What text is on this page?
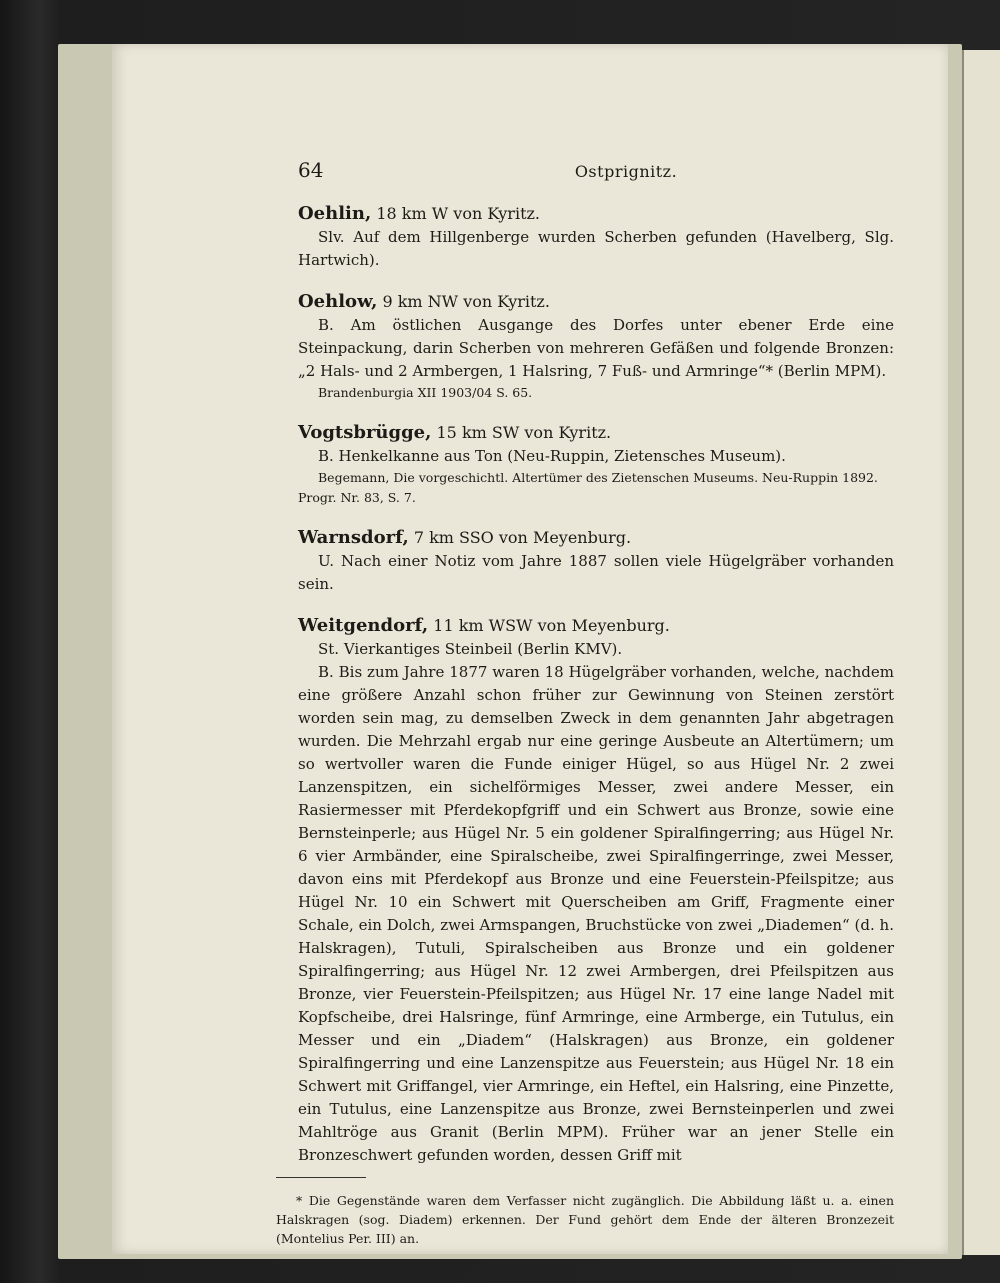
64	Ostprignitz.
Oehlin, 18 km W von Kyritz.

Slv. Auf dem Hillgenberge wurden Scherben gefunden (Havelberg, Slg. Hartwich).

Oehlow, 9 km NW von Kyritz.

B. Am östlichen Ausgange des Dorfes unter ebener Erde eine Steinpackung, darin Scherben von mehreren Gefäßen und folgende Bronzen: „2 Hals- und 2 Armbergen, 1 Halsring, 7 Fuß- und Armringe“* (Berlin MPM).

Brandenburgia XII 1903/04 S. 65.
Vogtsbrügge, 15 km SW von Kyritz.

B. Henkelkanne aus Ton (Neu-Ruppin, Zietensches Museum).

Begemann, Die vorgeschichtl. Altertümer des Zietenschen Museums. Neu-Ruppin 1892. Progr. Nr. 83, S. 7.
Warnsdorf, 7 km SSO von Meyenburg.

U. Nach einer Notiz vom Jahre 1887 sollen viele Hügelgräber vorhanden sein.

Weitgendorf, 11 km WSW von Meyenburg.

St. Vierkantiges Steinbeil (Berlin KMV).

B. Bis zum Jahre 1877 waren 18 Hügelgräber vorhanden, welche, nachdem eine größere Anzahl schon früher zur Gewinnung von Steinen zerstört worden sein mag, zu demselben Zweck in dem genannten Jahr abgetragen wurden. Die Mehrzahl ergab nur eine geringe Ausbeute an Altertümern; um so wertvoller waren die Funde einiger Hügel, so aus Hügel Nr. 2 zwei Lanzenspitzen, ein sichelförmiges Messer, zwei andere Messer, ein Rasiermesser mit Pferdekopfgriff und ein Schwert aus Bronze, sowie eine Bernsteinperle; aus Hügel Nr. 5 ein goldener Spiralfingerring; aus Hügel Nr. 6 vier Armbänder, eine Spiralscheibe, zwei Spiralfingerringe, zwei Messer, davon eins mit Pferdekopf aus Bronze und eine Feuerstein-Pfeilspitze; aus Hügel Nr. 10 ein Schwert mit Querscheiben am Griff, Fragmente einer Schale, ein Dolch, zwei Armspangen, Bruchstücke von zwei „Diademen“ (d. h. Halskragen), Tutuli, Spiralscheiben aus Bronze und ein goldener Spiralfingerring; aus Hügel Nr. 12 zwei Armbergen, drei Pfeilspitzen aus Bronze, vier Feuerstein-Pfeilspitzen; aus Hügel Nr. 17 eine lange Nadel mit Kopfscheibe, drei Halsringe, fünf Armringe, eine Armberge, ein Tutulus, ein Messer und ein „Diadem“ (Halskragen) aus Bronze, ein goldener Spiralfingerring und eine Lanzenspitze aus Feuerstein; aus Hügel Nr. 18 ein Schwert mit Griffangel, vier Armringe, ein Heftel, ein Halsring, eine Pinzette, ein Tutulus, eine Lanzenspitze aus Bronze, zwei Bernsteinperlen und zwei Mahltröge aus Granit (Berlin MPM). Früher war an jener Stelle ein Bronzeschwert gefunden worden, dessen Griff mit

* Die Gegenstände waren dem Verfasser nicht zugänglich. Die Abbildung läßt u. a. einen Halskragen (sog. Diadem) erkennen. Der Fund gehört dem Ende der älteren Bronzezeit (Montelius Per. III) an.
